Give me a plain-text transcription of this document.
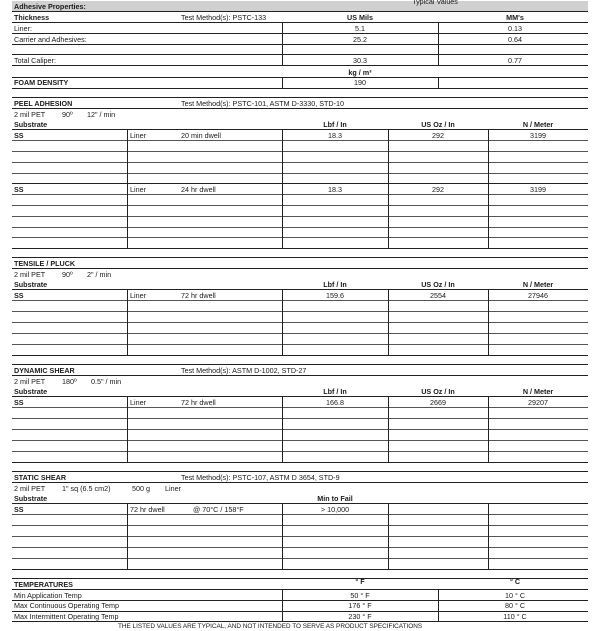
Adhesive Properties:
Typical Values
Thickness	Test Method(s): PSTC-133	US Mils	MM's
Liner:	5.1	0.13
Carrier and Adhesives:	25.2	0.64
Total Caliper:	30.3	0.77
kg / m³
FOAM DENSITY	190
PEEL ADHESION	Test Method(s): PSTC-101, ASTM D-3330, STD-10
2 mil PET 90º 12" / min
Substrate	Lbf / In	US Oz / In	N / Meter
SS	Liner	20 min dwell	18.3	292	3199
SS	Liner	24 hr dwell	18.3	292	3199
TENSILE / PLUCK
2 mil PET 90º 2" / min
Substrate	Lbf / In	US Oz / In	N / Meter
SS	Liner	72 hr dwell	159.6	2554	27946
DYNAMIC SHEAR	Test Method(s): ASTM D-1002, STD-27
2 mil PET 180º 0.5" / min
Substrate	Lbf / In	US Oz / In	N / Meter
SS	Liner	72 hr dwell	166.8	2669	29207
STATIC SHEAR	Test Method(s): PSTC-107, ASTM D 3654, STD-9
2 mil PET 1" sq (6.5 cm2)	500 g Liner
Substrate	Min to Fail
SS	72 hr dwell	@ 70°C / 158°F	> 10,000
TEMPERATURES	° F	° C
Min Application Temp	50 ° F	10 ° C
Max Continuous Operating Temp	176 ° F	80 ° C
Max Intermittent Operating Temp	230 ° F	110 ° C
THE LISTED VALUES ARE TYPICAL, AND NOT INTENDED TO SERVE AS PRODUCT SPECIFICATIONS
